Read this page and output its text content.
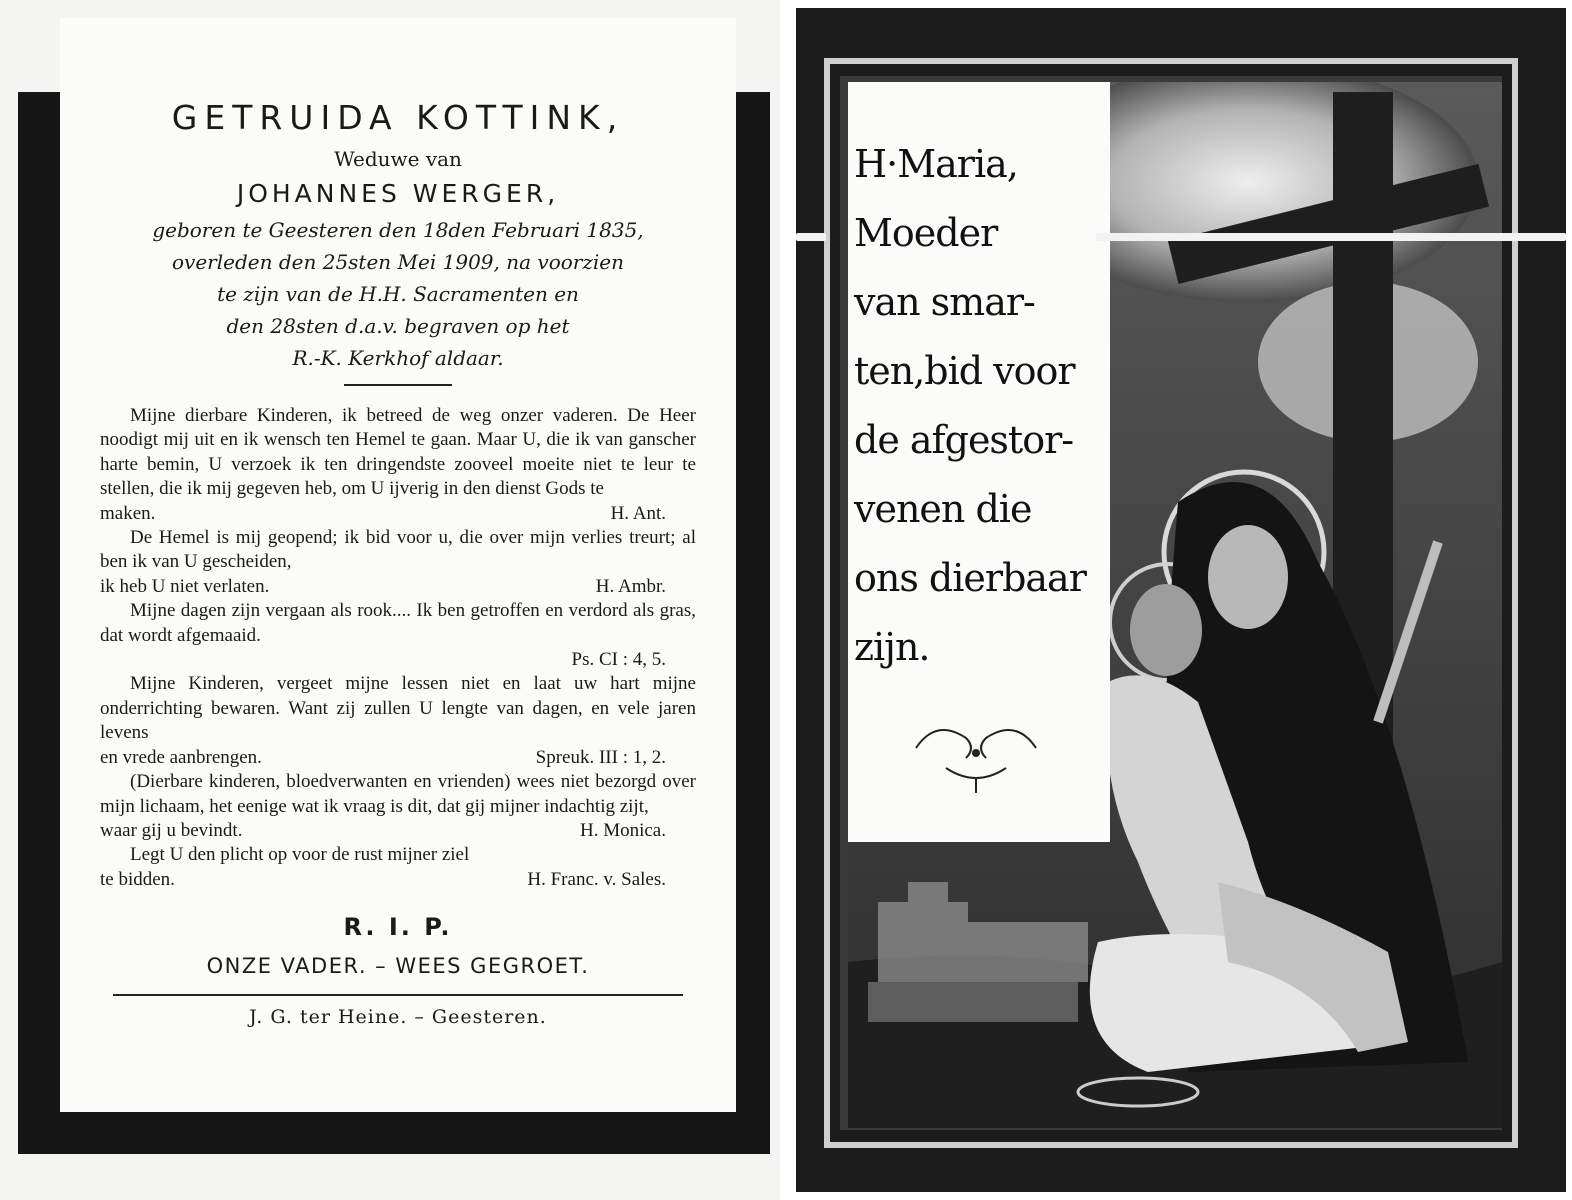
GETRUIDA KOTTINK,
Weduwe van
JOHANNES WERGER,
geboren te Geesteren den 18den Februari 1835,
overleden den 25sten Mei 1909, na voorzien
te zijn van de H.H. Sacramenten en
den 28sten d.a.v. begraven op het
R.-K. Kerkhof aldaar.

Mijne dierbare Kinderen, ik betreed de weg onzer vaderen. De Heer noodigt mij uit en ik wensch ten Hemel te gaan. Maar U, die ik van ganscher harte bemin, U verzoek ik ten dringendste zooveel moeite niet te leur te stellen, die ik mij gegeven heb, om U ijverig in den dienst Gods te

maken.	H. Ant.

De Hemel is mij geopend; ik bid voor u, die over mijn verlies treurt; al ben ik van U gescheiden,

ik heb U niet verlaten.	H. Ambr.

Mijne dagen zijn vergaan als rook.... Ik ben getroffen en verdord als gras, dat wordt afgemaaid.

Ps. CI : 4, 5.

Mijne Kinderen, vergeet mijne lessen niet en laat uw hart mijne onderrichting bewaren. Want zij zullen U lengte van dagen, en vele jaren levens

en vrede aanbrengen.	Spreuk. III : 1, 2.

(Dierbare kinderen, bloedverwanten en vrienden) wees niet bezorgd over mijn lichaam, het eenige wat ik vraag is dit, dat gij mijner indachtig zijt,

waar gij u bevindt.	H. Monica.

Legt U den plicht op voor de rust mijner ziel

te bidden.	H. Franc. v. Sales.
R. I. P.
ONZE VADER. – WEES GEGROET.
J. G. ter Heine. – Geesteren.
H·Maria,
Moeder
van smar-
ten,bid voor
de afgestor-
venen die
ons dierbaar
zijn.
